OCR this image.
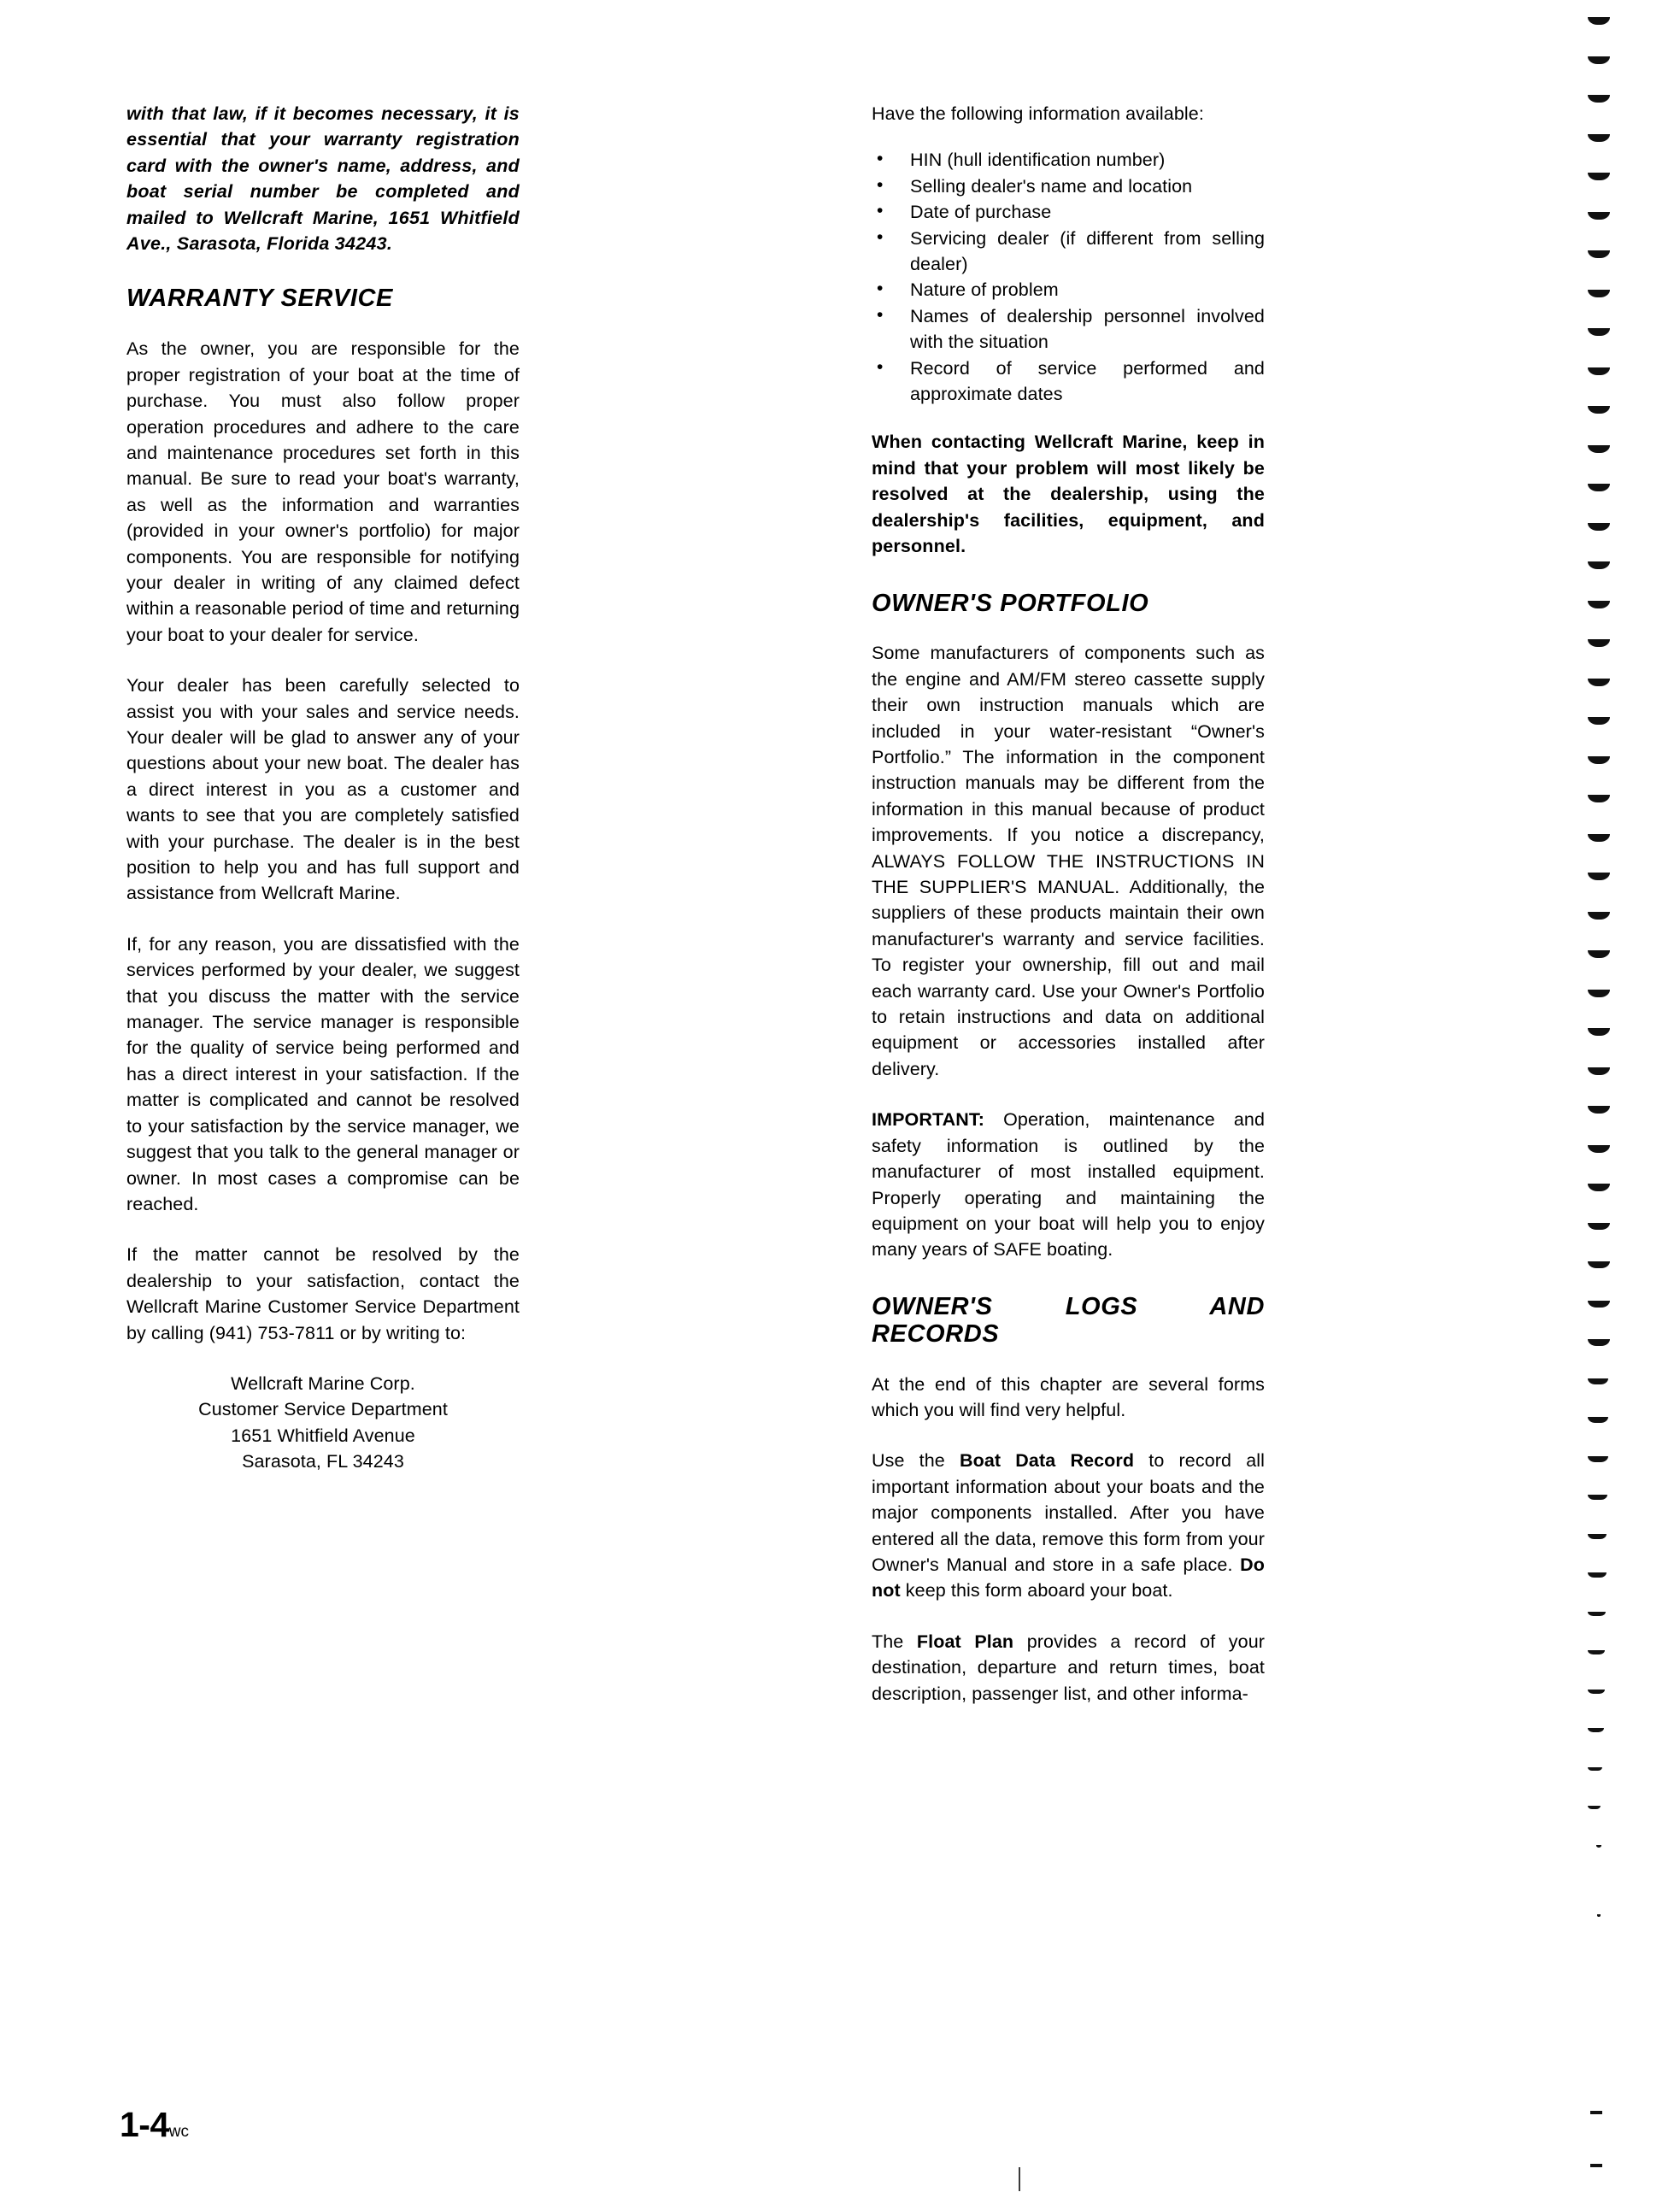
with that law, if it becomes necessary, it is essential that your warranty registration card with the owner's name, address, and boat serial number be completed and mailed to Wellcraft Marine, 1651 Whitfield Ave., Sarasota, Florida 34243.

WARRANTY SERVICE

As the owner, you are responsible for the proper registration of your boat at the time of purchase. You must also follow proper operation procedures and adhere to the care and maintenance procedures set forth in this manual. Be sure to read your boat's warranty, as well as the information and warranties (provided in your owner's portfolio) for major components. You are responsible for notifying your dealer in writing of any claimed defect within a reasonable period of time and returning your boat to your dealer for service.

Your dealer has been carefully selected to assist you with your sales and service needs. Your dealer will be glad to answer any of your questions about your new boat. The dealer has a direct interest in you as a customer and wants to see that you are completely satisfied with your purchase. The dealer is in the best position to help you and has full support and assistance from Wellcraft Marine.

If, for any reason, you are dissatisfied with the services performed by your dealer, we suggest that you discuss the matter with the service manager. The service manager is responsible for the quality of service being performed and has a direct interest in your satisfaction. If the matter is complicated and cannot be resolved to your satisfaction by the service manager, we suggest that you talk to the general manager or owner. In most cases a compromise can be reached.

If the matter cannot be resolved by the dealership to your satisfaction, contact the Wellcraft Marine Customer Service Department by calling (941) 753-7811 or by writing to:

Wellcraft Marine Corp.

Customer Service Department

1651 Whitfield Avenue

Sarasota, FL 34243

Have the following information available:

• HIN (hull identification number)
• Selling dealer's name and location
• Date of purchase
• Servicing dealer (if different from selling dealer)
• Nature of problem
• Names of dealership personnel involved with the situation
• Record of service performed and approximate dates

When contacting Wellcraft Marine, keep in mind that your problem will most likely be resolved at the dealership, using the dealership's facilities, equipment, and personnel.

OWNER'S PORTFOLIO

Some manufacturers of components such as the engine and AM/FM stereo cassette supply their own instruction manuals which are included in your water-resistant “Owner's Portfolio.” The information in the component instruction manuals may be different from the information in this manual because of product improvements. If you notice a discrepancy, ALWAYS FOLLOW THE INSTRUCTIONS IN THE SUPPLIER'S MANUAL. Additionally, the suppliers of these products maintain their own manufacturer's warranty and service facilities. To register your ownership, fill out and mail each warranty card. Use your Owner's Portfolio to retain instructions and data on additional equipment or accessories installed after delivery.

IMPORTANT: Operation, maintenance and safety information is outlined by the manufacturer of most installed equipment. Properly operating and maintaining the equipment on your boat will help you to enjoy many years of SAFE boating.

OWNER'S LOGS AND RECORDS

At the end of this chapter are several forms which you will find very helpful.

Use the Boat Data Record to record all important information about your boats and the major components installed. After you have entered all the data, remove this form from your Owner's Manual and store in a safe place. Do not keep this form aboard your boat.

The Float Plan provides a record of your destination, departure and return times, boat description, passenger list, and other informa-

1-4wc
